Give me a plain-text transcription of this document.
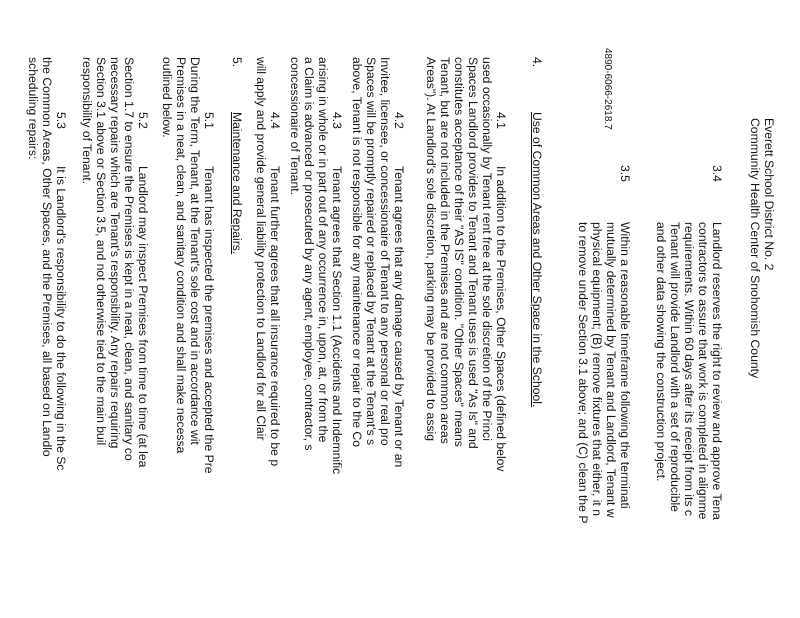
Everett School District No. 2
Community Health Center of Snohomish County
3.4
Landlord reserves the right to review and approve Tena
contractors to assure that work is completed in alignme
requirements. Within 60 days after its receipt from its c
Tenant will provide Landlord with a set of reproducible
and other data showing the construction project.
3.5
Within a reasonable timeframe following the terminati
mutually determined by Tenant and Landlord, Tenant w
physical equipment; (B) remove fixtures that either, it n
to remove under Section 3.1 above; and (C) clean the P
4.
Use of Common Areas and Other Space in the School.
4.1
In addition to the Premises, Other Spaces (defined belov
used occasionally by Tenant rent free at the sole discretion of the Princi
Spaces Landlord provides to Tenant and Tenant uses is used "As Is" and
constitutes acceptance of their "AS IS" condition. "Other Spaces" means
Tenant, but are not included in the Premises and are not common areas
Areas"). At Landlord's sole discretion, parking may be provided to assig
4.2
Tenant agrees that any damage caused by Tenant or an
Invitee, licensee, or concessionaire of Tenant to any personal or real pro
Spaces will be promptly repaired or replaced by Tenant at the Tenant's s
above, Tenant is not responsible for any maintenance or repair to the Co
4.3
Tenant agrees that Section 1.1 (Accidents and Indemnific
arising in whole or in part out of any occurrence in, upon, at, or from the
a Claim is advanced or prosecuted by any agent, employee, contractor, s
concessionaire of Tenant.
4.4
Tenant further agrees that all insurance required to be p
will apply and provide general liability protection to Landlord for all Clair
5.
Maintenance and Repairs.
5.1
Tenant has inspected the premises and accepted the Pre
During the Term, Tenant, at the Tenant's sole cost and in accordance wit
Premises in a neat, clean, and sanitary condition and shall make necessa
outlined below.
5.2
Landlord may inspect Premises from time to time (at lea
Section 1.7 to ensure the Premises is kept in a neat, clean, and sanitary co
necessary repairs which are Tenant's responsibility. Any repairs requiring
Section 3.1 above or Section 3.5, and not otherwise tied to the main buil
responsibility of Tenant.
5.3
It is Landlord's responsibility to do the following in the Sc
the Common Areas, Other Spaces, and the Premises, all based on Landlo
scheduling repairs:	4890-6066-2618.7
